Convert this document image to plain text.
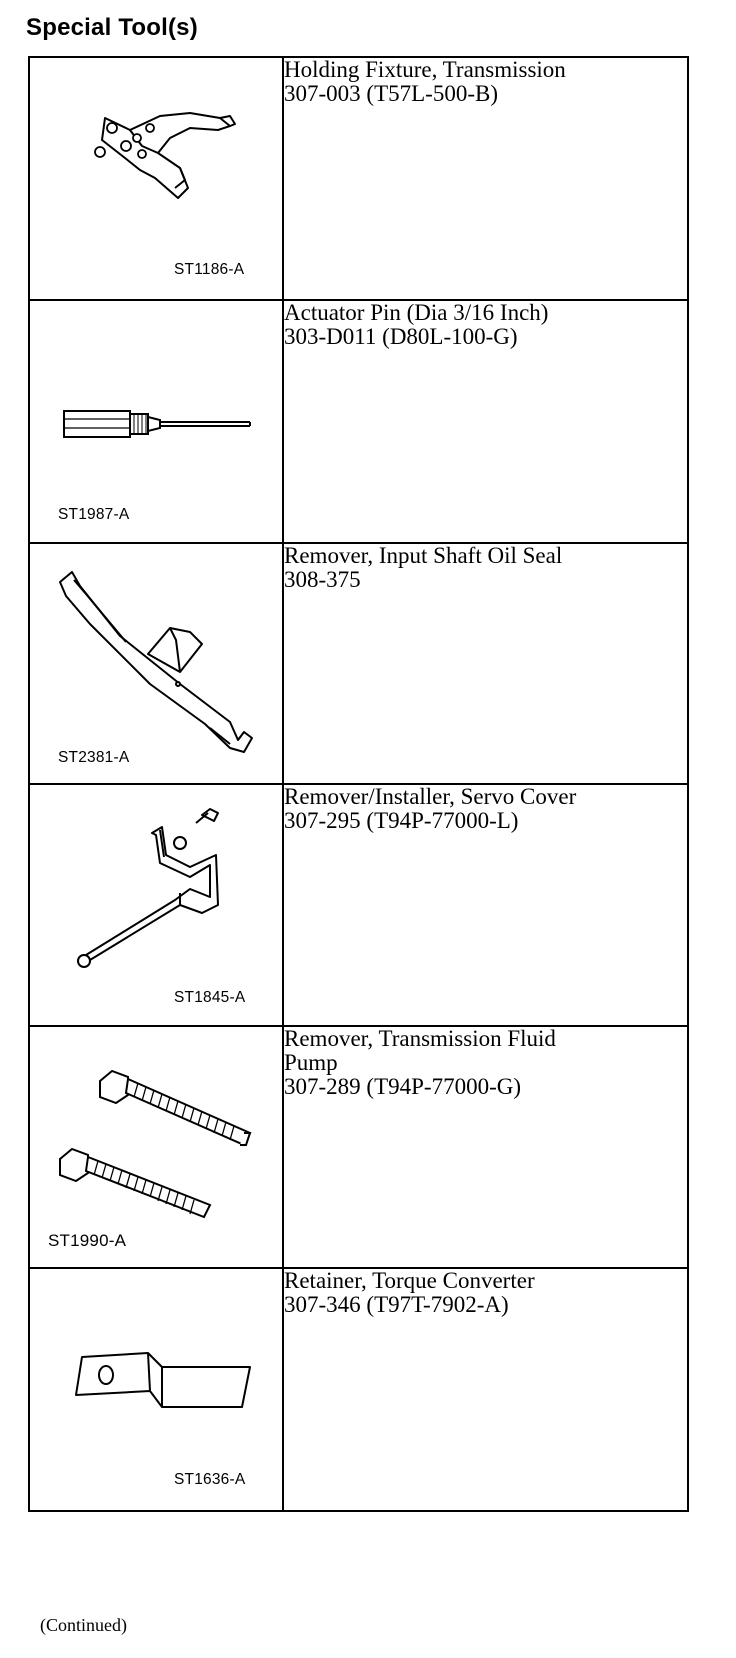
Special Tool(s)
ST1186-A	Holding Fixture, Transmission
307-003 (T57L-500-B)

ST1987-A	Actuator Pin (Dia 3/16 Inch)
303-D011 (D80L-100-G)

ST2381-A	Remover, Input Shaft Oil Seal
308-375

ST1845-A	Remover/Installer, Servo Cover
307-295 (T94P-77000-L)

ST1990-A	Remover, Transmission Fluid
Pump
307-289 (T94P-77000-G)

ST1636-A	Retainer, Torque Converter
307-346 (T97T-7902-A)
(Continued)
